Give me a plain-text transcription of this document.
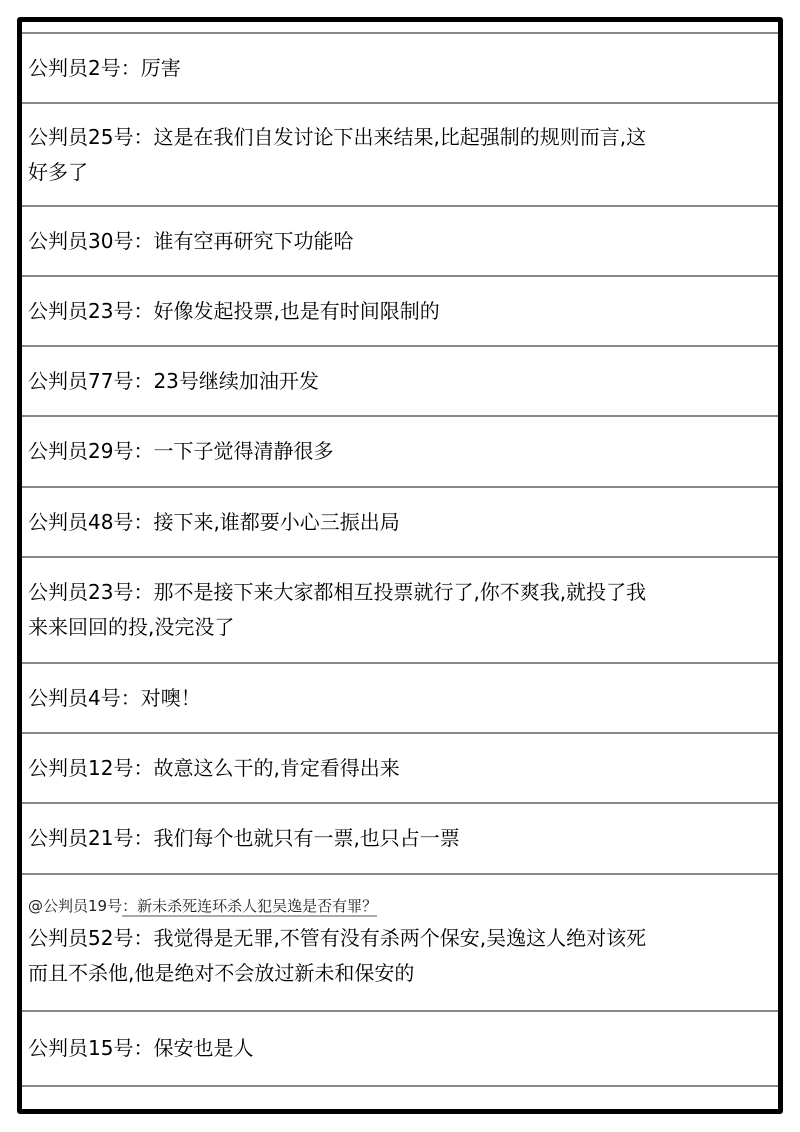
公判员2号：厉害
公判员25号：这是在我们自发讨论下出来结果,比起强制的规则而言,这
好多了
公判员30号：谁有空再研究下功能哈
公判员23号：好像发起投票,也是有时间限制的
公判员77号：23号继续加油开发
公判员29号：一下子觉得清静很多
公判员48号：接下来,谁都要小心三振出局
公判员23号：那不是接下来大家都相互投票就行了,你不爽我,就投了我
来来回回的投,没完没了
公判员4号：对噢！
公判员12号：故意这么干的,肯定看得出来
公判员21号：我们每个也就只有一票,也只占一票
@公判员19号：新未杀死连环杀人犯吴逸是否有罪？
公判员52号：我觉得是无罪,不管有没有杀两个保安,吴逸这人绝对该死
而且不杀他,他是绝对不会放过新未和保安的
公判员15号：保安也是人
